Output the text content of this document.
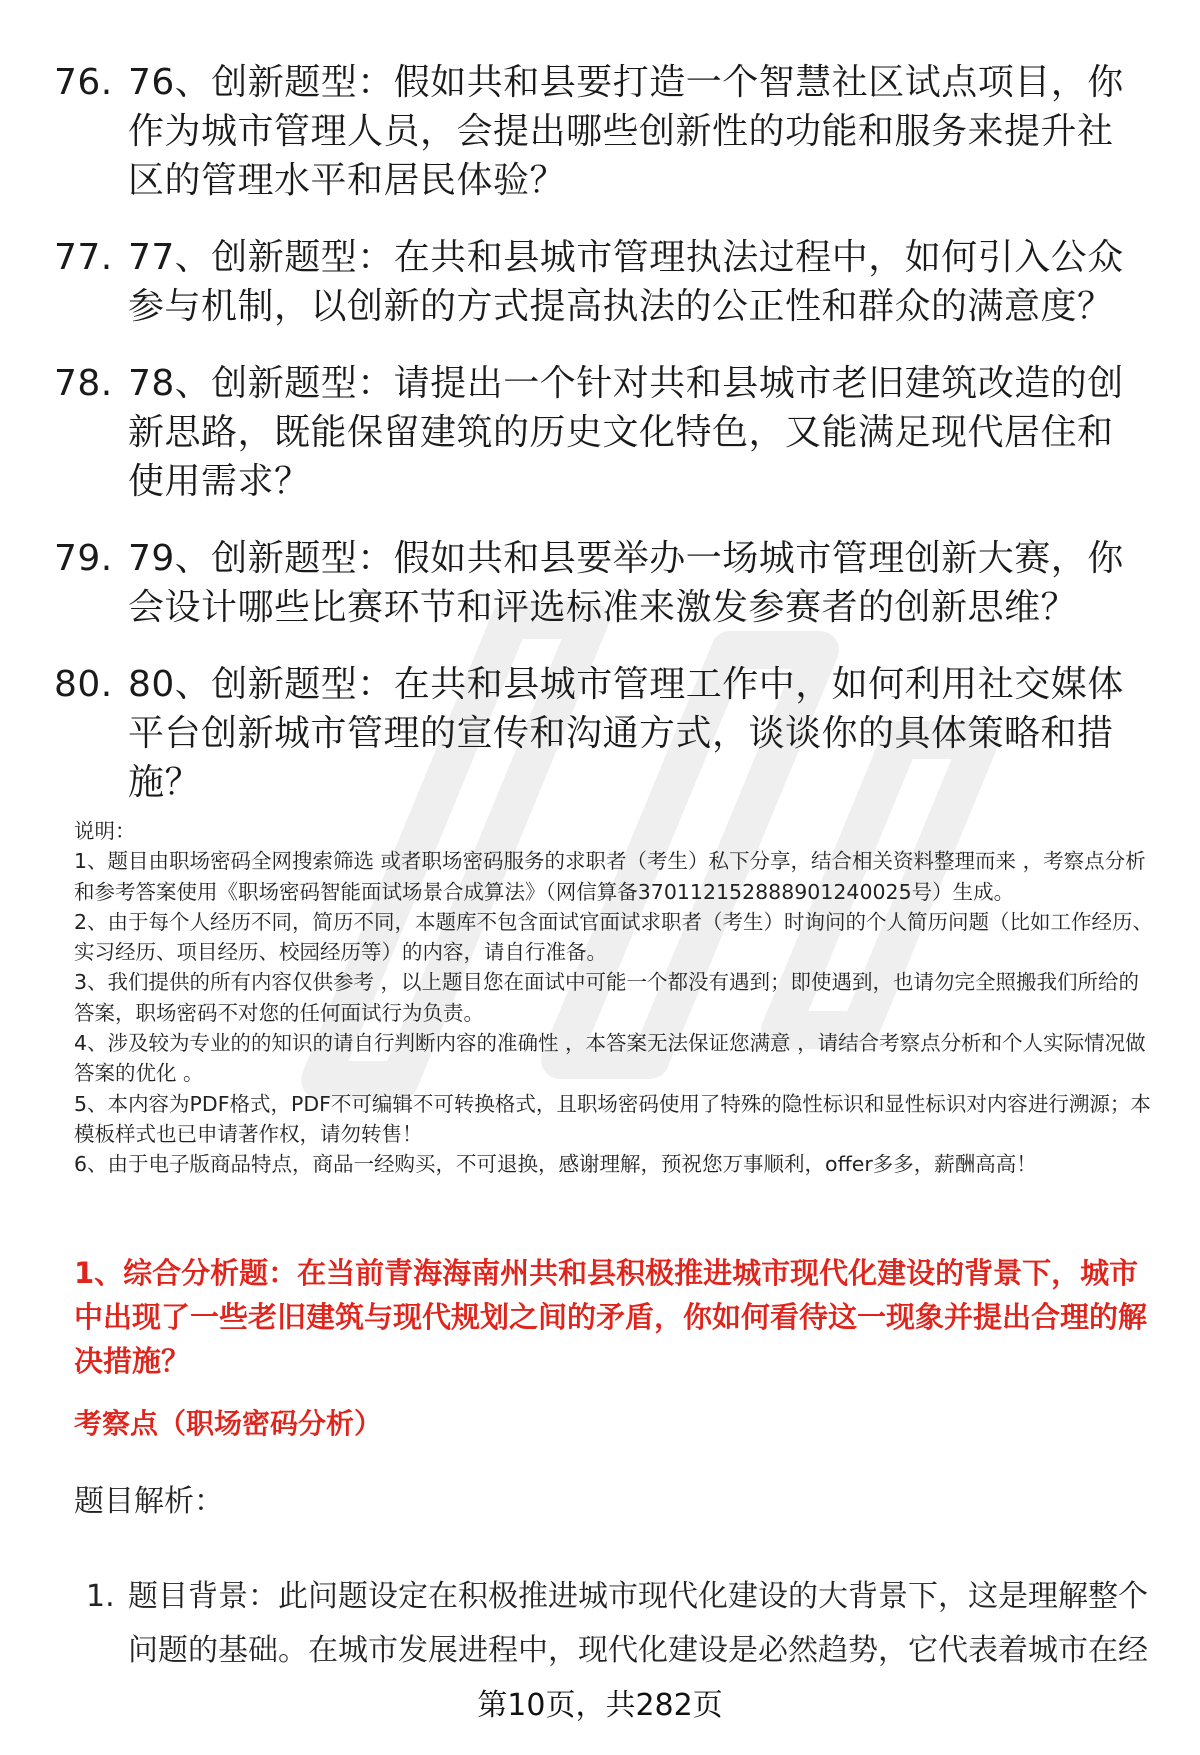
76. 76、创新题型：假如共和县要打造一个智慧社区试点项目，你作为城市管理人员，会提出哪些创新性的功能和服务来提升社区的管理水平和居民体验？
77. 77、创新题型：在共和县城市管理执法过程中，如何引入公众参与机制，以创新的方式提高执法的公正性和群众的满意度？
78. 78、创新题型：请提出一个针对共和县城市老旧建筑改造的创新思路，既能保留建筑的历史文化特色，又能满足现代居住和使用需求？
79. 79、创新题型：假如共和县要举办一场城市管理创新大赛，你会设计哪些比赛环节和评选标准来激发参赛者的创新思维？
80. 80、创新题型：在共和县城市管理工作中，如何利用社交媒体平台创新城市管理的宣传和沟通方式，谈谈你的具体策略和措施？

说明：

1、题目由职场密码全网搜索筛选 或者职场密码服务的求职者（考生）私下分享，结合相关资料整理而来 ，考察点分析和参考答案使用《职场密码智能面试场景合成算法》（网信算备370112152888901240025号）生成。

2、由于每个人经历不同，简历不同，本题库不包含面试官面试求职者（考生）时询问的个人简历问题（比如工作经历、实习经历、项目经历、校园经历等）的内容，请自行准备。

3、我们提供的所有内容仅供参考 ，以上题目您在面试中可能一个都没有遇到；即使遇到，也请勿完全照搬我们所给的答案，职场密码不对您的任何面试行为负责。

4、涉及较为专业的的知识的请自行判断内容的准确性 ，本答案无法保证您满意 ，请结合考察点分析和个人实际情况做答案的优化 。

5、本内容为PDF格式，PDF不可编辑不可转换格式，且职场密码使用了特殊的隐性标识和显性标识对内容进行溯源；本模板样式也已申请著作权，请勿转售！

6、由于电子版商品特点，商品一经购买，不可退换，感谢理解，预祝您万事顺利，offer多多，薪酬高高！

1、综合分析题：在当前青海海南州共和县积极推进城市现代化建设的背景下，城市中出现了一些老旧建筑与现代规划之间的矛盾，你如何看待这一现象并提出合理的解决措施？
考察点（职场密码分析）
题目解析：
1. 题目背景：此问题设定在积极推进城市现代化建设的大背景下，这是理解整个问题的基础。在城市发展进程中，现代化建设是必然趋势，它代表着城市在经
第10页，共282页
